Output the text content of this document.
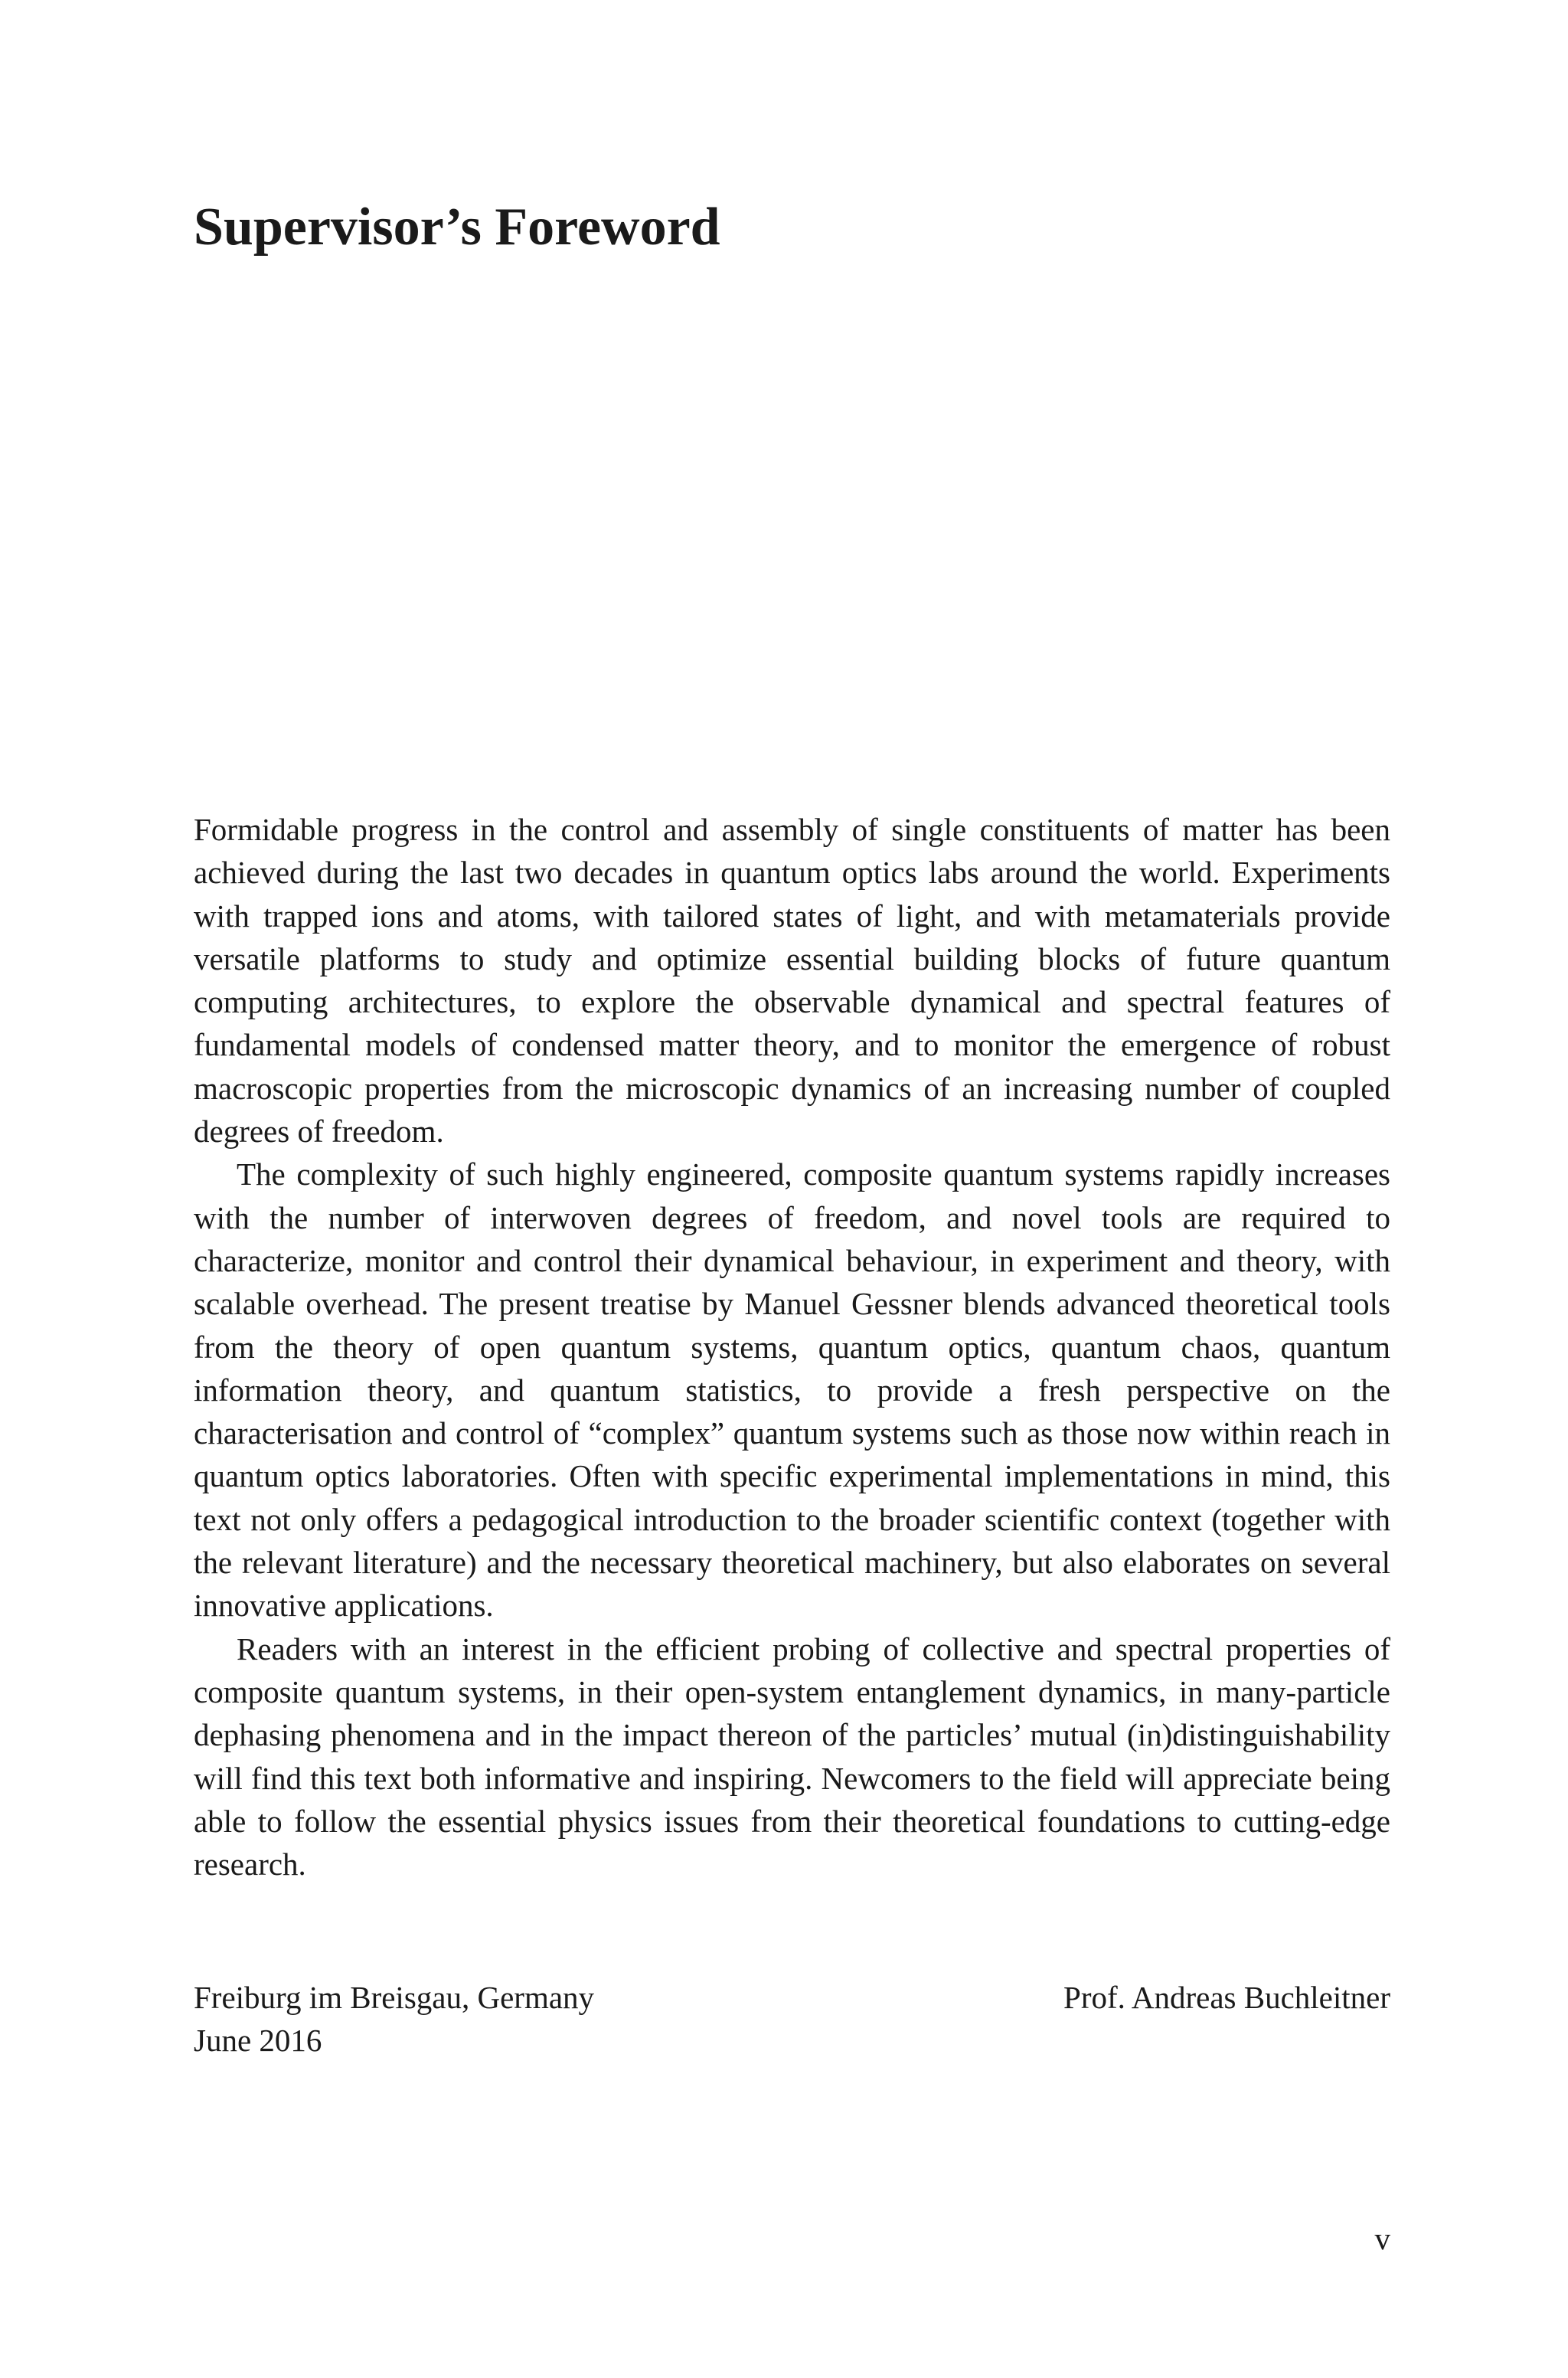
Supervisor’s Foreword

Formidable progress in the control and assembly of single constituents of matter has been achieved during the last two decades in quantum optics labs around the world. Experiments with trapped ions and atoms, with tailored states of light, and with metamaterials provide versatile platforms to study and optimize essential building blocks of future quantum computing architectures, to explore the observable dynamical and spectral features of fundamental models of condensed matter theory, and to monitor the emergence of robust macroscopic properties from the microscopic dynamics of an increasing number of coupled degrees of freedom.

The complexity of such highly engineered, composite quantum systems rapidly increases with the number of interwoven degrees of freedom, and novel tools are required to characterize, monitor and control their dynamical behaviour, in experiment and theory, with scalable overhead. The present treatise by Manuel Gessner blends advanced theoretical tools from the theory of open quantum systems, quantum optics, quantum chaos, quantum information theory, and quantum statistics, to provide a fresh perspective on the characterisation and control of “complex” quantum systems such as those now within reach in quantum optics laboratories. Often with specific experimental implementations in mind, this text not only offers a pedagogical introduction to the broader scientific context (together with the relevant literature) and the necessary theoretical machinery, but also elaborates on several innovative applications.

Readers with an interest in the efficient probing of collective and spectral properties of composite quantum systems, in their open-system entanglement dynamics, in many-particle dephasing phenomena and in the impact thereon of the particles’ mutual (in)distinguishability will find this text both informative and inspiring. Newcomers to the field will appreciate being able to follow the essential physics issues from their theoretical foundations to cutting-edge research.

Freiburg im Breisgau, Germany
June 2016
Prof. Andreas Buchleitner
v
